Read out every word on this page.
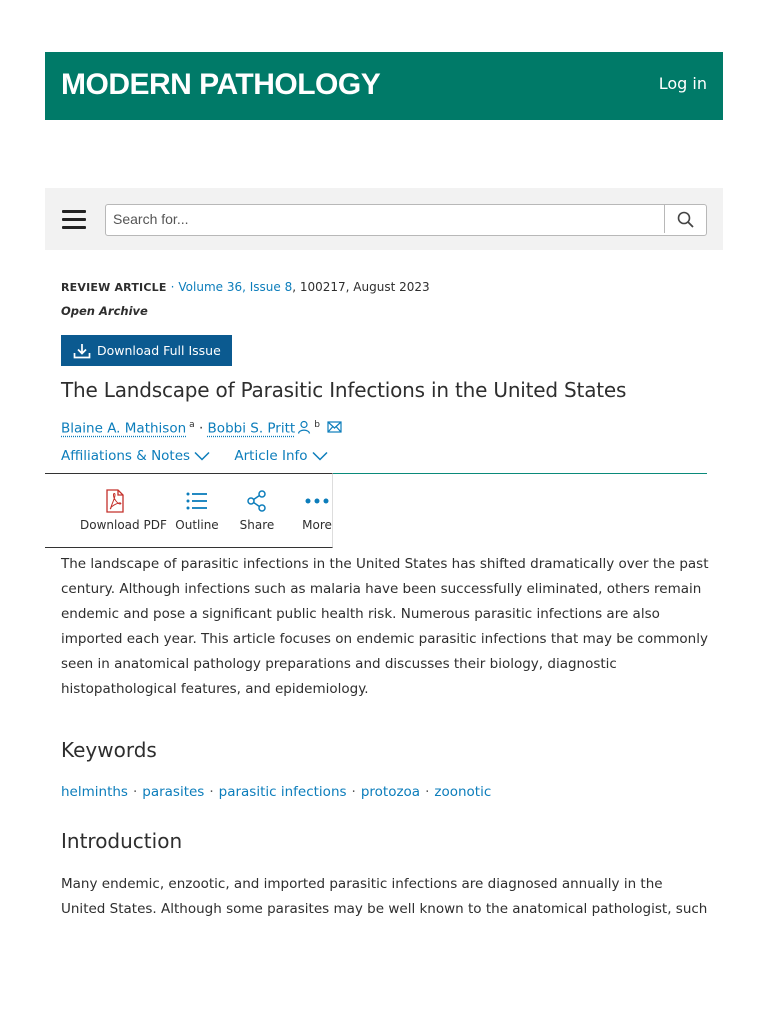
MODERN PATHOLOGY	Log in
Search for...
REVIEW ARTICLE · Volume 36, Issue 8, 100217, August 2023
Open Archive
Download Full Issue
The Landscape of Parasitic Infections in the United States
Blaine A. Mathison $^a$ · Bobbi S. Pritt $^b$
Affiliations & Notes
	Article Info
Download PDF Outline	Share	More

The landscape of parasitic infections in the United States has shifted dramatically over the past century. Although infections such as malaria have been successfully eliminated, others remain endemic and pose a significant public health risk. Numerous parasitic infections are also imported each year. This article focuses on endemic parasitic infections that may be commonly seen in anatomical pathology preparations and discusses their biology, diagnostic histopathological features, and epidemiology.

Keywords
helminths · parasites · parasitic infections · protozoa · zoonotic
Introduction

Many endemic, enzootic, and imported parasitic infections are diagnosed annually in the United States. Although some parasites may be well known to the anatomical pathologist, such
